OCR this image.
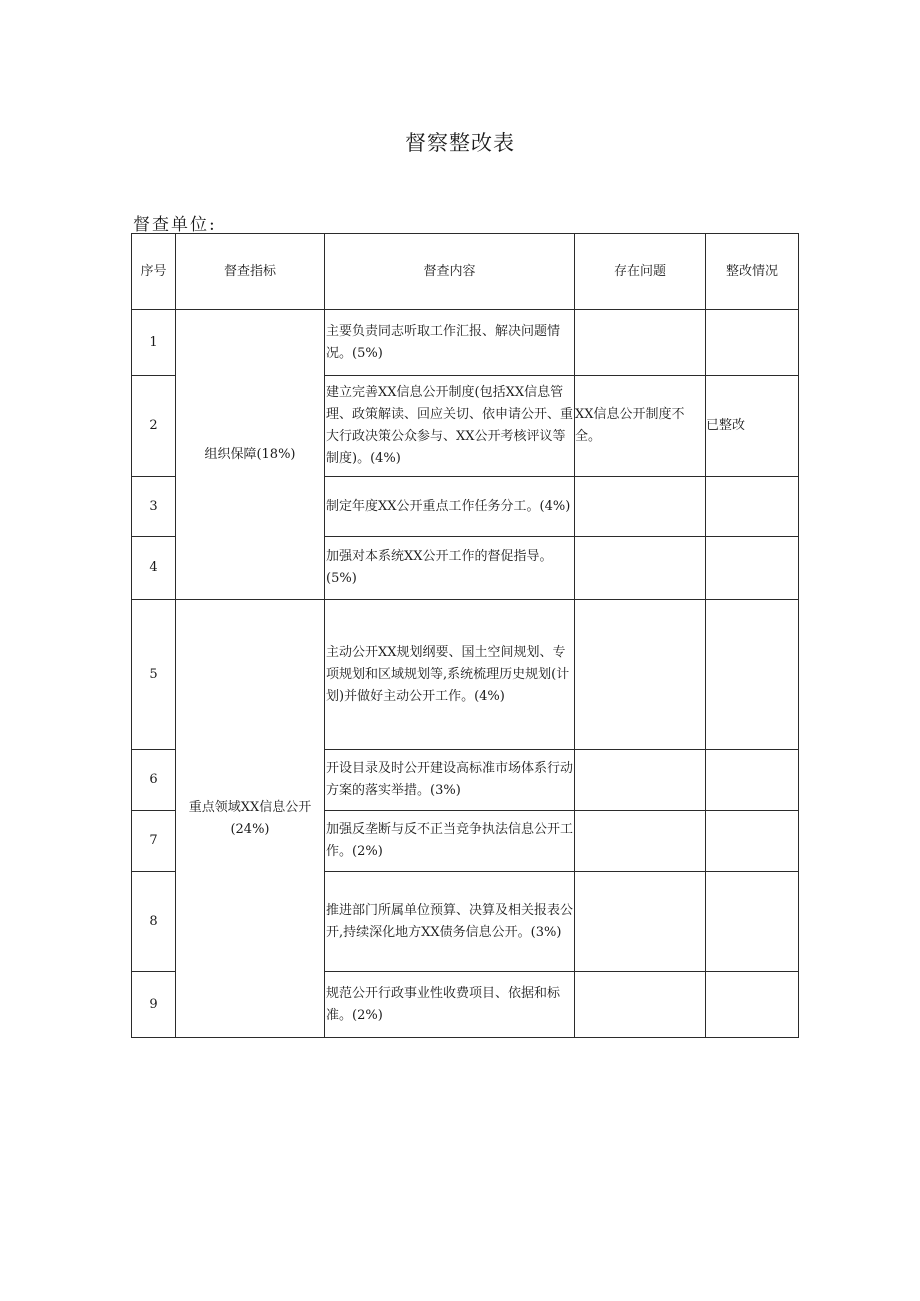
督察整改表
督查单位:
序号	督查指标	督查内容	存在问题	整改情况
1	组织保障(18%)	主要负责同志听取工作汇报、解决问题情况。(5%)		
2		建立完善XX信息公开制度(包括XX信息管理、政策解读、回应关切、依申请公开、重大行政决策公众参与、XX公开考核评议等制度)。(4%)	XX信息公开制度不全。	已整改
3		制定年度XX公开重点工作任务分工。(4%)		
4		加强对本系统XX公开工作的督促指导。(5%)		
5	重点领域XX信息公开(24%)	主动公开XX规划纲要、国土空间规划、专项规划和区域规划等,系统梳理历史规划(计划)并做好主动公开工作。(4%)		
6		开设目录及时公开建设高标准市场体系行动方案的落实举措。(3%)		
7		加强反垄断与反不正当竞争执法信息公开工作。(2%)		
8		推进部门所属单位预算、决算及相关报表公开,持续深化地方XX债务信息公开。(3%)		
9		规范公开行政事业性收费项目、依据和标准。(2%)		
